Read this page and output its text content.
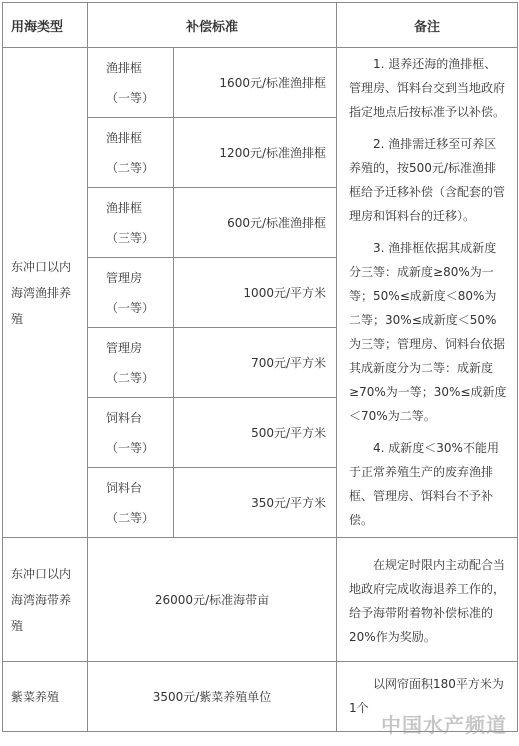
用海类型	补偿标准		备注
东冲口以内海湾渔排养殖	渔排框（一等）	1600元/标准渔排框	1. 退养还海的渔排框、管理房、饵料台交到当地政府指定地点后按标准予以补偿。

2. 渔排需迁移至可养区养殖的，按500元/标准渔排框给予迁移补偿（含配套的管理房和饵料台的迁移）。

3. 渔排框依据其成新度分三等：成新度≥80%为一等；50%≤成新度＜80%为二等；30%≤成新度＜50%为三等；管理房、饲料台依据其成新度分为二等：成新度≥70%为一等；30%≤成新度＜70%为二等。

4. 成新度＜30%不能用于正常养殖生产的废弃渔排框、管理房、饵料台不予补偿。

	渔排框（二等）	1200元/标准渔排框	
	渔排框（三等）	600元/标准渔排框	
	管理房（一等）	1000元/平方米	
	管理房（二等）	700元/平方米	
	饲料台（一等）	500元/平方米	
	饲料台（二等）	350元/平方米	
东冲口以内海湾海带养殖	26000元/标准海带亩		在规定时限内主动配合当地政府完成收海退养工作的，给予海带附着物补偿标准的20%作为奖励。

紫菜养殖	3500元/紫菜养殖单位		以网帘面积180平方米为1个

中国水产频道
